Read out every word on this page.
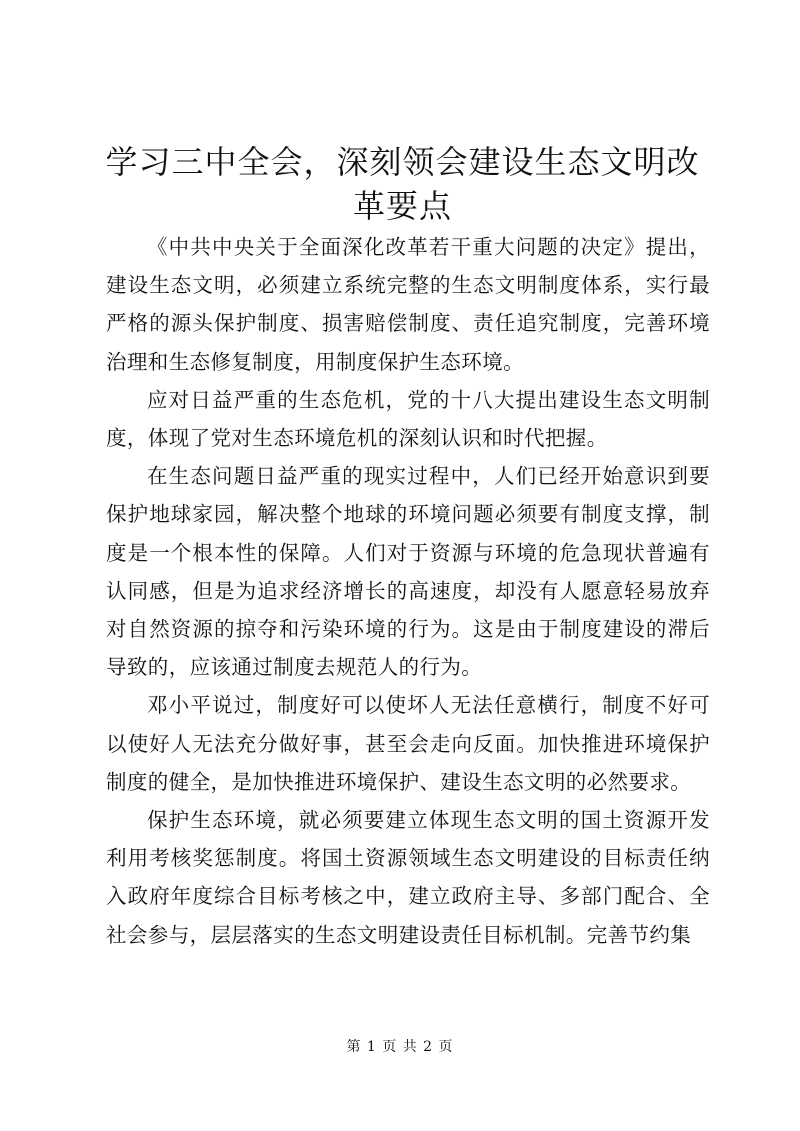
学习三中全会，深刻领会建设生态文明改革要点

《中共中央关于全面深化改革若干重大问题的决定》提出，建设生态文明，必须建立系统完整的生态文明制度体系，实行最严格的源头保护制度、损害赔偿制度、责任追究制度，完善环境治理和生态修复制度，用制度保护生态环境。

应对日益严重的生态危机，党的十八大提出建设生态文明制度，体现了党对生态环境危机的深刻认识和时代把握。

在生态问题日益严重的现实过程中，人们已经开始意识到要保护地球家园，解决整个地球的环境问题必须要有制度支撑，制度是一个根本性的保障。人们对于资源与环境的危急现状普遍有认同感，但是为追求经济增长的高速度，却没有人愿意轻易放弃对自然资源的掠夺和污染环境的行为。这是由于制度建设的滞后导致的，应该通过制度去规范人的行为。

邓小平说过，制度好可以使坏人无法任意横行，制度不好可以使好人无法充分做好事，甚至会走向反面。加快推进环境保护制度的健全，是加快推进环境保护、建设生态文明的必然要求。

保护生态环境，就必须要建立体现生态文明的国土资源开发利用考核奖惩制度。将国土资源领域生态文明建设的目标责任纳入政府年度综合目标考核之中，建立政府主导、多部门配合、全社会参与，层层落实的生态文明建设责任目标机制。完善节约集

第 1 页 共 2 页
